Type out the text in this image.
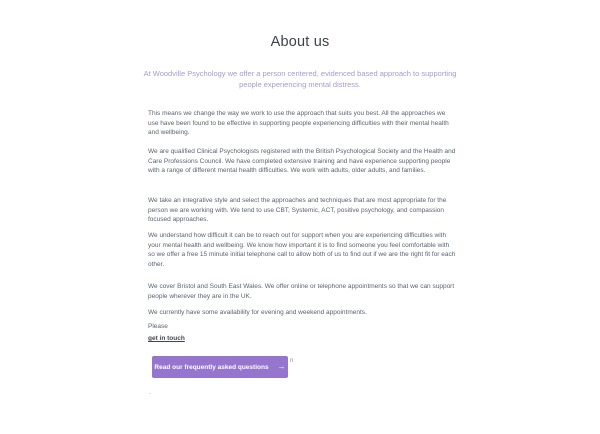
About us

At Woodville Psychology we offer a person centered, evidenced based approach to supporting people experiencing mental distress.

This means we change the way we work to use the approach that suits you best. All the approaches we use have been found to be effective in supporting people experiencing difficulties with their mental health and wellbeing.

We are qualified Clinical Psychologists registered with the British Psychological Society and the Health and Care Professions Council. We have completed extensive training and have experience supporting people with a range of different mental health difficulties. We work with adults, older adults, and families.

We take an integrative style and select the approaches and techniques that are most appropriate for the person we are working with. We tend to use CBT, Systemic, ACT, positive psychology, and compassion focused approaches.

We understand how difficult it can be to reach out for support when you are experiencing difficulties with your mental health and wellbeing. We know how important it is to find someone you feel comfortable with so we offer a free 15 minute initial telephone call to allow both of us to find out if we are the right fit for each other.

We cover Bristol and South East Wales. We offer online or telephone appointments so that we can support people wherever they are in the UK.

We currently have some availability for evening and weekend appointments.

Please

get in touch
Read our frequently asked questions →
n
.
